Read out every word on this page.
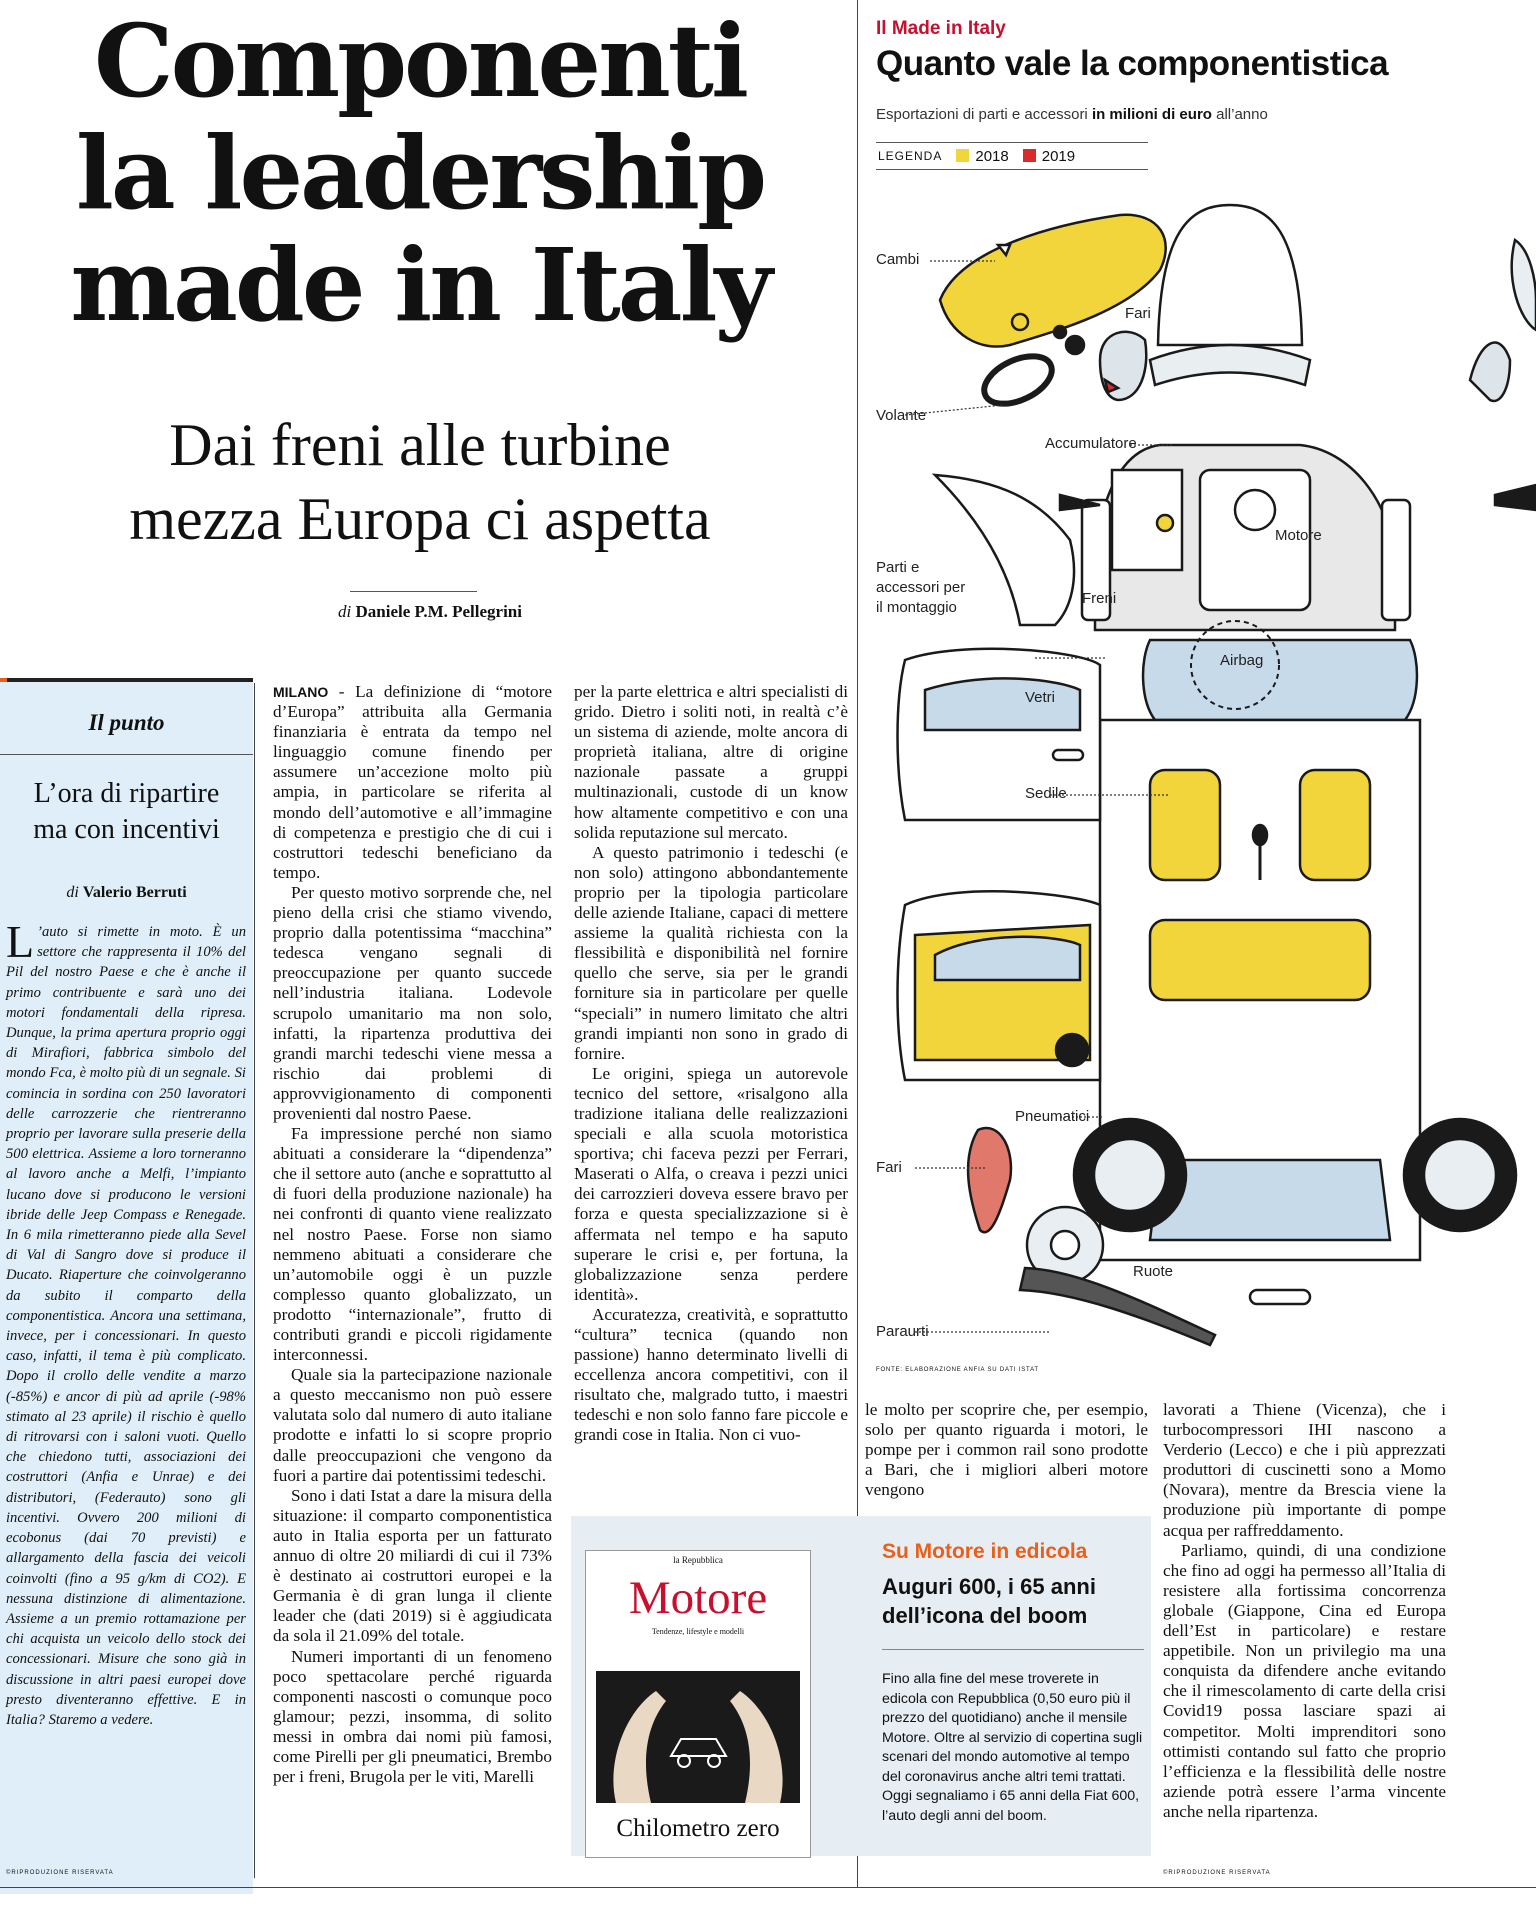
Componenti
la leadership
made in Italy
Dai freni alle turbine
mezza Europa ci aspetta
di Daniele P.M. Pellegrini
Il punto
L’ora di ripartire
ma con incentivi
di Valerio Berruti
L ’auto si rimette in moto. È un settore che rappresenta il 10% del Pil del nostro Paese e che è anche il primo contribuente e sarà uno dei motori fondamentali della ripresa. Dunque, la prima apertura proprio oggi di Mirafiori, fabbrica simbolo del mondo Fca, è molto più di un segnale. Si comincia in sordina con 250 lavoratori delle carrozzerie che rientreranno proprio per lavorare sulla preserie della 500 elettrica. Assieme a loro torneranno al lavoro anche a Melfi, l’impianto lucano dove si producono le versioni ibride delle Jeep Compass e Renegade. In 6 mila rimetteranno piede alla Sevel di Val di Sangro dove si produce il Ducato. Riaperture che coinvolgeranno da subito il comparto della componentistica. Ancora una settimana, invece, per i concessionari. In questo caso, infatti, il tema è più complicato. Dopo il crollo delle vendite a marzo (-85%) e ancor di più ad aprile (-98% stimato al 23 aprile) il rischio è quello di ritrovarsi con i saloni vuoti. Quello che chiedono tutti, associazioni dei costruttori (Anfia e Unrae) e dei distributori, (Federauto) sono gli incentivi. Ovvero 200 milioni di ecobonus (dai 70 previsti) e allargamento della fascia dei veicoli coinvolti (fino a 95 g/km di CO2). E nessuna distinzione di alimentazione. Assieme a un premio rottamazione per chi acquista un veicolo dello stock dei concessionari. Misure che sono già in discussione in altri paesi europei dove presto diventeranno effettive. E in Italia? Staremo a vedere.
©RIPRODUZIONE RISERVATA

MILANO - La definizione di “motore d’Europa” attribuita alla Germania finanziaria è entrata da tempo nel linguaggio comune finendo per assumere un’accezione molto più ampia, in particolare se riferita al mondo dell’automotive e all’immagine di competenza e prestigio che di cui i costruttori tedeschi beneficiano da tempo.

Per questo motivo sorprende che, nel pieno della crisi che stiamo vivendo, proprio dalla potentissima “macchina” tedesca vengano segnali di preoccupazione per quanto succede nell’industria italiana. Lodevole scrupolo umanitario ma non solo, infatti, la ripartenza produttiva dei grandi marchi tedeschi viene messa a rischio dai problemi di approvvigionamento di componenti provenienti dal nostro Paese.

Fa impressione perché non siamo abituati a considerare la “dipendenza” che il settore auto (anche e soprattutto al di fuori della produzione nazionale) ha nei confronti di quanto viene realizzato nel nostro Paese. Forse non siamo nemmeno abituati a considerare che un’automobile oggi è un puzzle complesso quanto globalizzato, un prodotto “internazionale”, frutto di contributi grandi e piccoli rigidamente interconnessi.

Quale sia la partecipazione nazionale a questo meccanismo non può essere valutata solo dal numero di auto italiane prodotte e infatti lo si scopre proprio dalle preoccupazioni che vengono da fuori a partire dai potentissimi tedeschi.

Sono i dati Istat a dare la misura della situazione: il comparto componentistica auto in Italia esporta per un fatturato annuo di oltre 20 miliardi di cui il 73% è destinato ai costruttori europei e la Germania è di gran lunga il cliente leader che (dati 2019) si è aggiudicata da sola il 21.09% del totale.

Numeri importanti di un fenomeno poco spettacolare perché riguarda componenti nascosti o comunque poco glamour; pezzi, insomma, di solito messi in ombra dai nomi più famosi, come Pirelli per gli pneumatici, Brembo per i freni, Brugola per le viti, Marelli

per la parte elettrica e altri specialisti di grido. Dietro i soliti noti, in realtà c’è un sistema di aziende, molte ancora di proprietà italiana, altre di origine nazionale passate a gruppi multinazionali, custode di un know how altamente competitivo e con una solida reputazione sul mercato.

A questo patrimonio i tedeschi (e non solo) attingono abbondantemente proprio per la tipologia particolare delle aziende Italiane, capaci di mettere assieme la qualità richiesta con la flessibilità e disponibilità nel fornire quello che serve, sia per le grandi forniture sia in particolare per quelle “speciali” in numero limitato che altri grandi impianti non sono in grado di fornire.

Le origini, spiega un autorevole tecnico del settore, «risalgono alla tradizione italiana delle realizzazioni speciali e alla scuola motoristica sportiva; chi faceva pezzi per Ferrari, Maserati o Alfa, o creava i pezzi unici dei carrozzieri doveva essere bravo per forza e questa specializzazione si è affermata nel tempo e ha saputo superare le crisi e, per fortuna, la globalizzazione senza perdere identità».

Accuratezza, creatività, e soprattutto “cultura” tecnica (quando non passione) hanno determinato livelli di eccellenza ancora competitivi, con il risultato che, malgrado tutto, i maestri tedeschi e non solo fanno fare piccole e grandi cose in Italia. Non ci vuo-

le molto per scoprire che, per esempio, solo per quanto riguarda i motori, le pompe per i common rail sono prodotte a Bari, che i migliori alberi motore vengono

lavorati a Thiene (Vicenza), che i turbocompressori IHI nascono a Verderio (Lecco) e che i più apprezzati produttori di cuscinetti sono a Momo (Novara), mentre da Brescia viene la produzione più importante di pompe acqua per raffreddamento.

Parliamo, quindi, di una condizione che fino ad oggi ha permesso all’Italia di resistere alla fortissima concorrenza globale (Giappone, Cina ed Europa dell’Est in particolare) e restare appetibile. Non un privilegio ma una conquista da difendere anche evitando che il rimescolamento di carte della crisi Covid19 possa lasciare spazi ai competitor. Molti imprenditori sono ottimisti contando sul fatto che proprio l’efficienza e la flessibilità delle nostre aziende potrà essere l’arma vincente anche nella ripartenza.

©RIPRODUZIONE RISERVATA
Il Made in Italy
Quanto vale la componentistica
Esportazioni di parti e accessori in milioni di euro all’anno
LEGENDA	2018	2019
Cambi
Fari
Volante
Accumulatore
Motore
Parti e
accessori per
il montaggio
Freni
Airbag
Vetri
Sedile
Pneumatici
Fari
Ruote
Paraurti
FONTE: ELABORAZIONE ANFIA SU DATI ISTAT
la Repubblica
Motore
Tendenze, lifestyle e modelli
Chilometro zero
Su Motore in edicola
Auguri 600, i 65 anni dell’icona del boom
Fino alla fine del mese troverete in edicola con Repubblica (0,50 euro più il prezzo del quotidiano) anche il mensile Motore. Oltre al servizio di copertina sugli scenari del mondo automotive al tempo del coronavirus anche altri temi trattati. Oggi segnaliamo i 65 anni della Fiat 600, l’auto degli anni del boom.
